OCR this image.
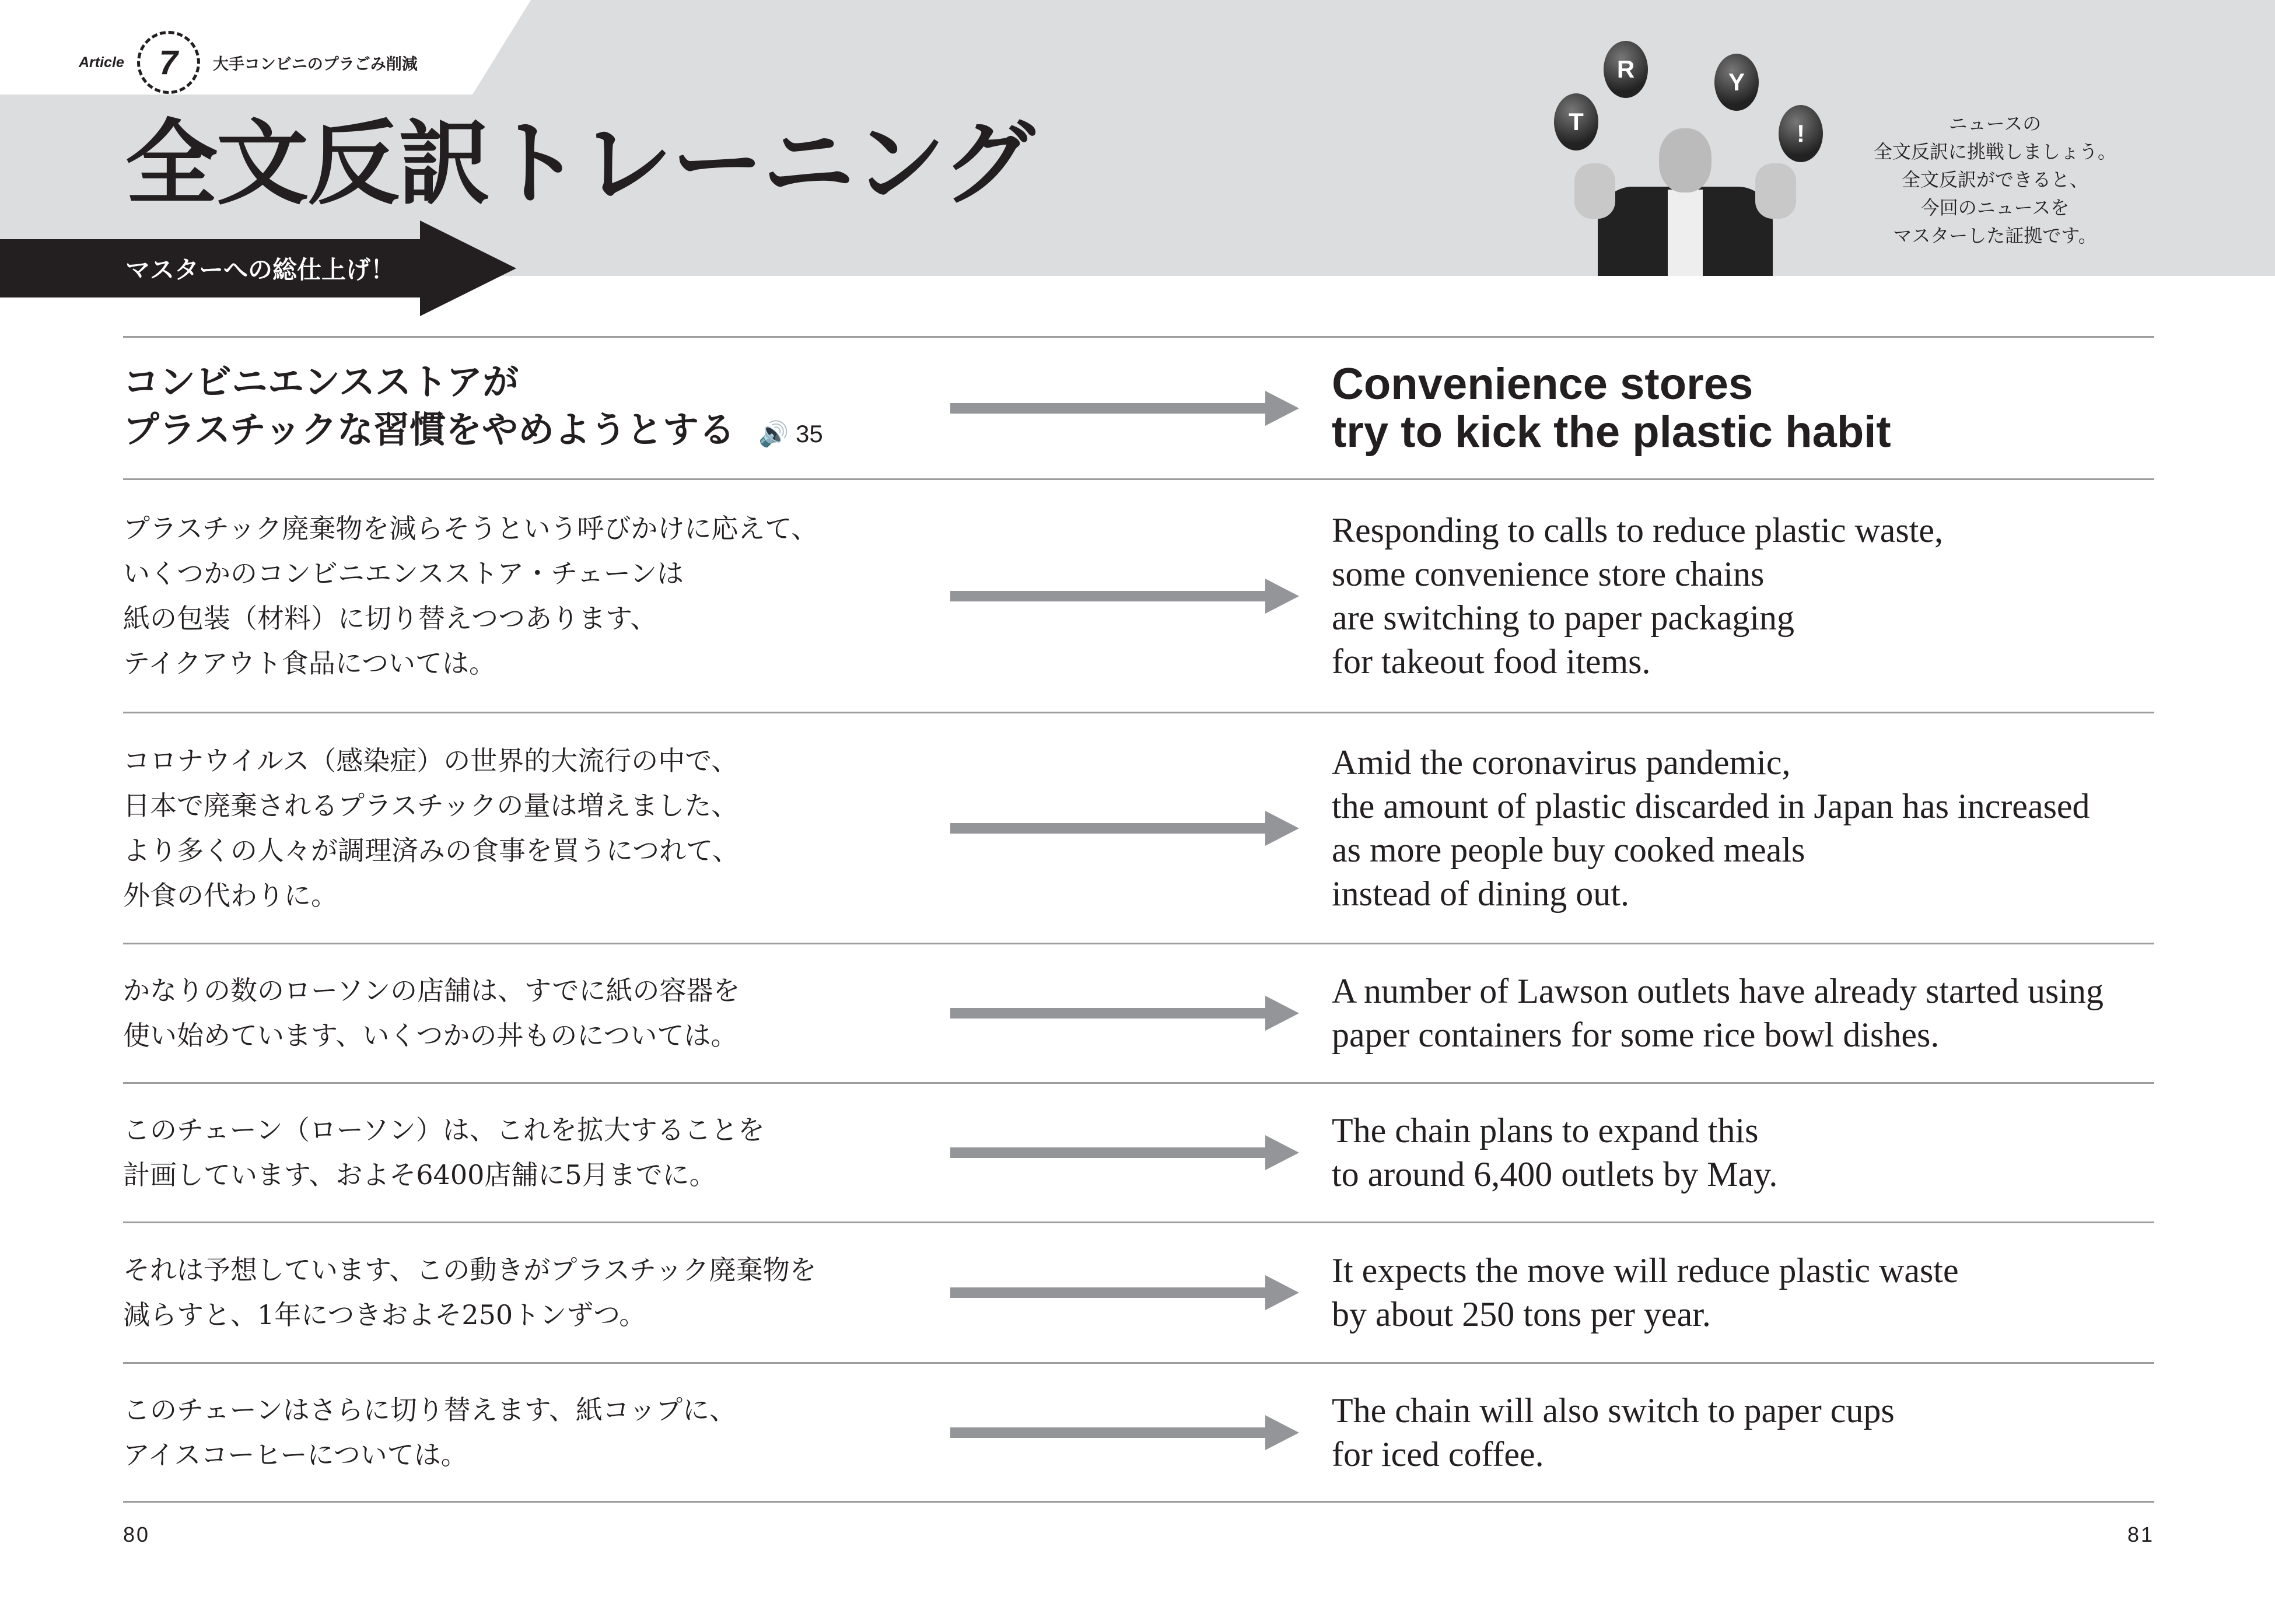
Article	7	大手コンビニのプラごみ削減
全文反訳トレーニング
マスターへの総仕上げ！
T
R	Y
!	ニュースの
全文反訳に挑戦しましょう。
全文反訳ができると、
今回のニュースを
マスターした証拠です。
コンビニエンスストアが
プラスチックな習慣をやめようとする 🔊 35
Convenience stores
try to kick the plastic habit
プラスチック廃棄物を減らそうという呼びかけに応えて、
いくつかのコンビニエンスストア・チェーンは
紙の包装（材料）に切り替えつつあります、
テイクアウト食品については。
Responding to calls to reduce plastic waste,
some convenience store chains
are switching to paper packaging
for takeout food items.
コロナウイルス（感染症）の世界的大流行の中で、
日本で廃棄されるプラスチックの量は増えました、
より多くの人々が調理済みの食事を買うにつれて、
外食の代わりに。
Amid the coronavirus pandemic,
the amount of plastic discarded in Japan has increased
as more people buy cooked meals
instead of dining out.
かなりの数のローソンの店舗は、すでに紙の容器を
使い始めています、いくつかの丼ものについては。
A number of Lawson outlets have already started using
paper containers for some rice bowl dishes.
このチェーン（ローソン）は、これを拡大することを
計画しています、およそ6400店舗に5月までに。
The chain plans to expand this
to around 6,400 outlets by May.
それは予想しています、この動きがプラスチック廃棄物を
減らすと、1年につきおよそ250トンずつ。
It expects the move will reduce plastic waste
by about 250 tons per year.
このチェーンはさらに切り替えます、紙コップに、
アイスコーヒーについては。
The chain will also switch to paper cups
for iced coffee.
80	81
